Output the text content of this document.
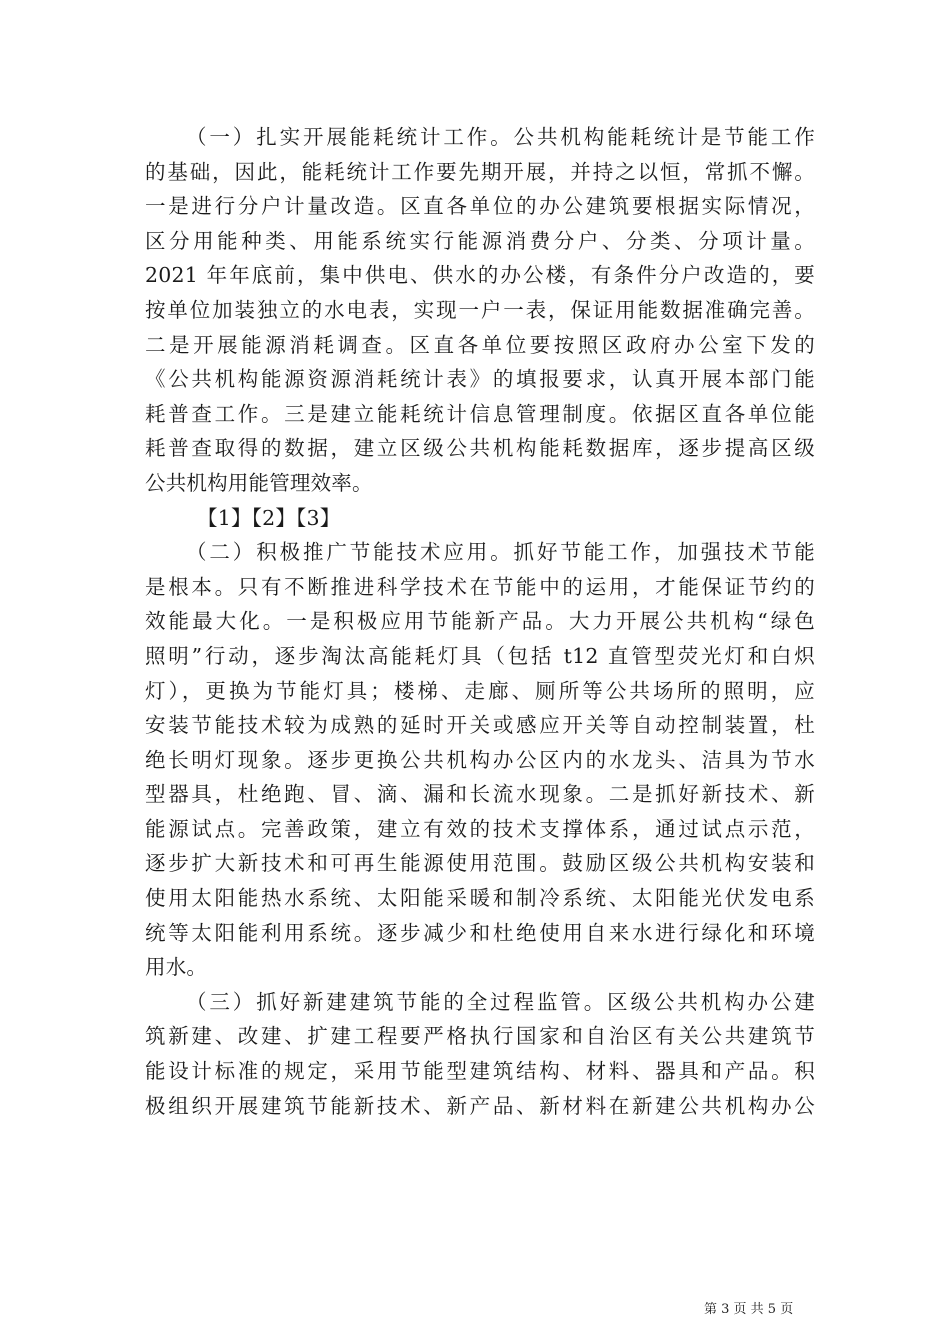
（一）扎实开展能耗统计工作。公共机构能耗统计是节能工作
的基础，因此，能耗统计工作要先期开展，并持之以恒，常抓不懈。
一是进行分户计量改造。区直各单位的办公建筑要根据实际情况，
区分用能种类、用能系统实行能源消费分户、分类、分项计量。
2021 年年底前，集中供电、供水的办公楼，有条件分户改造的，要
按单位加装独立的水电表，实现一户一表，保证用能数据准确完善。
二是开展能源消耗调查。区直各单位要按照区政府办公室下发的
《公共机构能源资源消耗统计表》的填报要求，认真开展本部门能
耗普查工作。三是建立能耗统计信息管理制度。依据区直各单位能
耗普查取得的数据，建立区级公共机构能耗数据库，逐步提高区级
公共机构用能管理效率。
【1】【2】【3】
（二）积极推广节能技术应用。抓好节能工作，加强技术节能
是根本。只有不断推进科学技术在节能中的运用，才能保证节约的
效能最大化。一是积极应用节能新产品。大力开展公共机构“绿色
照明”行动，逐步淘汰高能耗灯具（包括 t12 直管型荧光灯和白炽
灯），更换为节能灯具；楼梯、走廊、厕所等公共场所的照明，应
安装节能技术较为成熟的延时开关或感应开关等自动控制装置，杜
绝长明灯现象。逐步更换公共机构办公区内的水龙头、洁具为节水
型器具，杜绝跑、冒、滴、漏和长流水现象。二是抓好新技术、新
能源试点。完善政策，建立有效的技术支撑体系，通过试点示范，
逐步扩大新技术和可再生能源使用范围。鼓励区级公共机构安装和
使用太阳能热水系统、太阳能采暖和制冷系统、太阳能光伏发电系
统等太阳能利用系统。逐步减少和杜绝使用自来水进行绿化和环境
用水。
（三）抓好新建建筑节能的全过程监管。区级公共机构办公建
筑新建、改建、扩建工程要严格执行国家和自治区有关公共建筑节
能设计标准的规定，采用节能型建筑结构、材料、器具和产品。积
极组织开展建筑节能新技术、新产品、新材料在新建公共机构办公
第 3 页 共 5 页
